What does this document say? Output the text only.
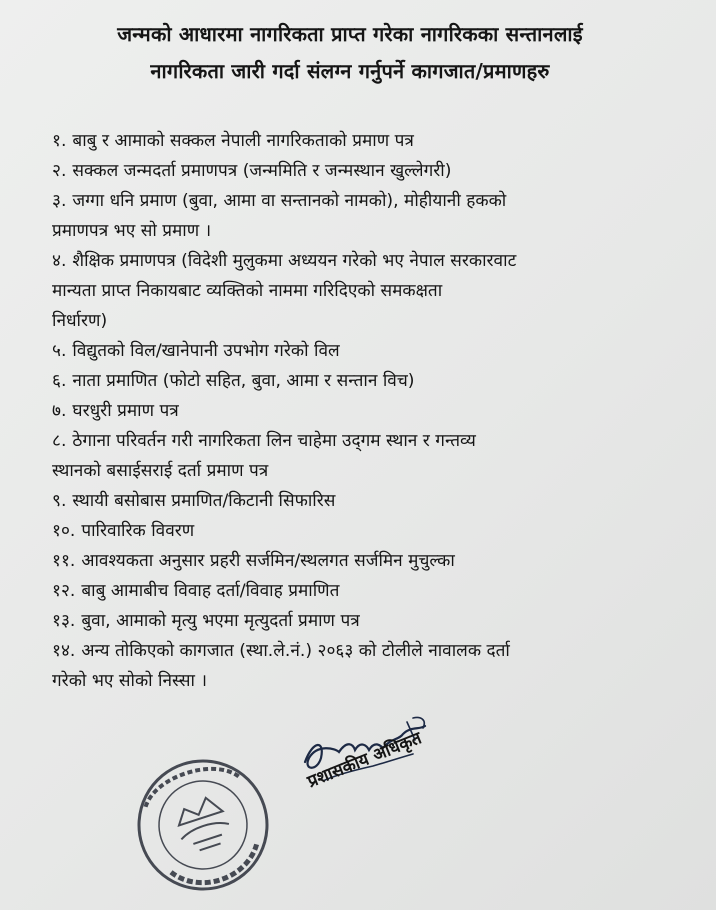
जन्मको आधारमा नागरिकता प्राप्त गरेका नागरिकका सन्तानलाई
नागरिकता जारी गर्दा संलग्न गर्नुपर्ने कागजात/प्रमाणहरु
१. बाबु र आमाको सक्कल नेपाली नागरिकताको प्रमाण पत्र
२. सक्कल जन्मदर्ता प्रमाणपत्र (जन्ममिति र जन्मस्थान खुल्लेगरी)
३. जग्गा धनि प्रमाण (बुवा, आमा वा सन्तानको नामको), मोहीयानी हकको
प्रमाणपत्र भए सो प्रमाण ।
४. शैक्षिक प्रमाणपत्र (विदेशी मुलुकमा अध्ययन गरेको भए नेपाल सरकारवाट
मान्यता प्राप्त निकायबाट व्यक्तिको नाममा गरिदिएको समकक्षता
निर्धारण)
५. विद्युतको विल/खानेपानी उपभोग गरेको विल
६. नाता प्रमाणित (फोटो सहित, बुवा, आमा र सन्तान विच)
७. घरधुरी प्रमाण पत्र
८. ठेगाना परिवर्तन गरी नागरिकता लिन चाहेमा उद्‍गम स्थान र गन्तव्य
स्थानको बसाईसराई दर्ता प्रमाण पत्र
९. स्थायी बसोबास प्रमाणित/किटानी सिफारिस
१०. पारिवारिक विवरण
११. आवश्यकता अनुसार प्रहरी सर्जमिन/स्थलगत सर्जमिन मुचुल्का
१२. बाबु आमाबीच विवाह दर्ता/विवाह प्रमाणित
१३. बुवा, आमाको मृत्यु भएमा मृत्युदर्ता प्रमाण पत्र
१४. अन्य तोकिएको कागजात (स्था.ले.नं.) २०६३ को टोलीले नावालक दर्ता
गरेको भए सोको निस्सा ।
प्रशासकीय अधिकृत
